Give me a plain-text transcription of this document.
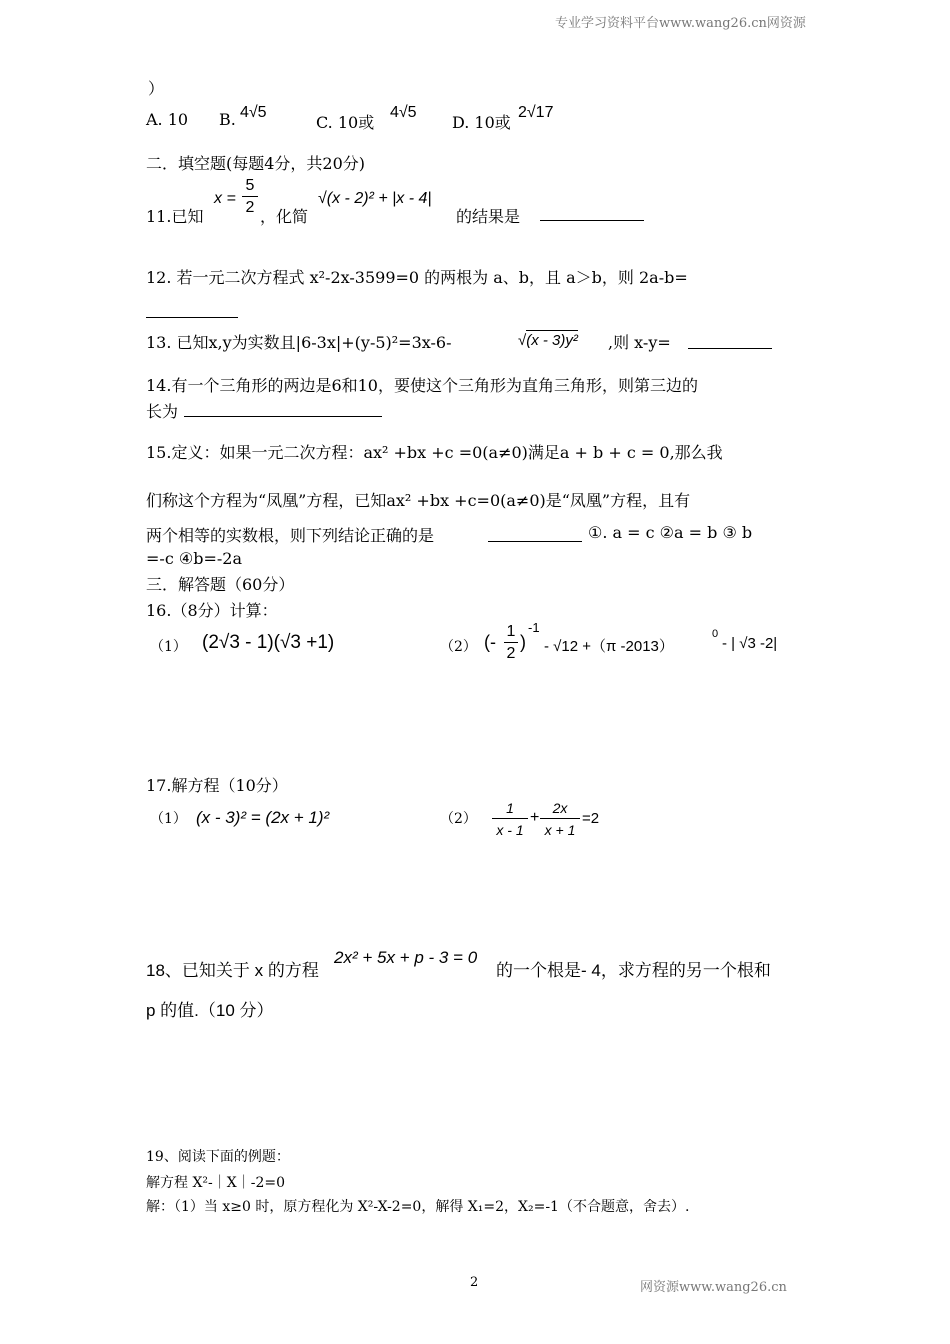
专业学习资料平台www.wang26.cn网资源
）
A. 10 B. 4√5
C. 10或
4√5
D. 10或
2√17
二．填空题(每题4分，共20分)
11.已知
$x = \frac{5}{2}$ ，化简
√(x - 2)² + |x - 4|
的结果是
12. 若一元二次方程式 x²-2x-3599=0 的两根为 a、b，且 a＞b，则 2a-b=
13. 已知x,y为实数且|6-3x|+(y-5)²=3x-6-	√(x - 3)y² ,则 x-y=
14.有一个三角形的两边是6和10，要使这个三角形为直角三角形，则第三边的
长为
15.定义：如果一元二次方程：ax² +bx +c =0(a≠0)满足a + b + c = 0,那么我
们称这个方程为“凤凰”方程，已知ax² +bx +c=0(a≠0)是“凤凰”方程，且有
两个相等的实数根，则下列结论正确的是	①. a = c ②a = b ③ b
=-c ④b=-2a
三．解答题（60分）
16.（8分）计算：
（1） (2√3 - 1)(√3 +1)	（2） (- $\frac{1}{2}$ )
-1
- √12 +（π -2013）
0
- | √3 -2|
17.解方程（10分）
（1） (x - 3)² = (2x + 1)²	$(2) \frac{1}{x - 1} + \frac{2x}{x + 1} =2$
18、已知关于 x 的方程
2x² + 5x + p - 3 = 0
的一个根是- 4，求方程的另一个根和
p 的值.（10 分）
19、阅读下面的例题：
解方程 X²-｜X｜-2=0
解：（1）当 x≥0 时，原方程化为 X²-X-2=0，解得 X₁=2，X₂=-1（不合题意，舍去）.
2	网资源www.wang26.cn
